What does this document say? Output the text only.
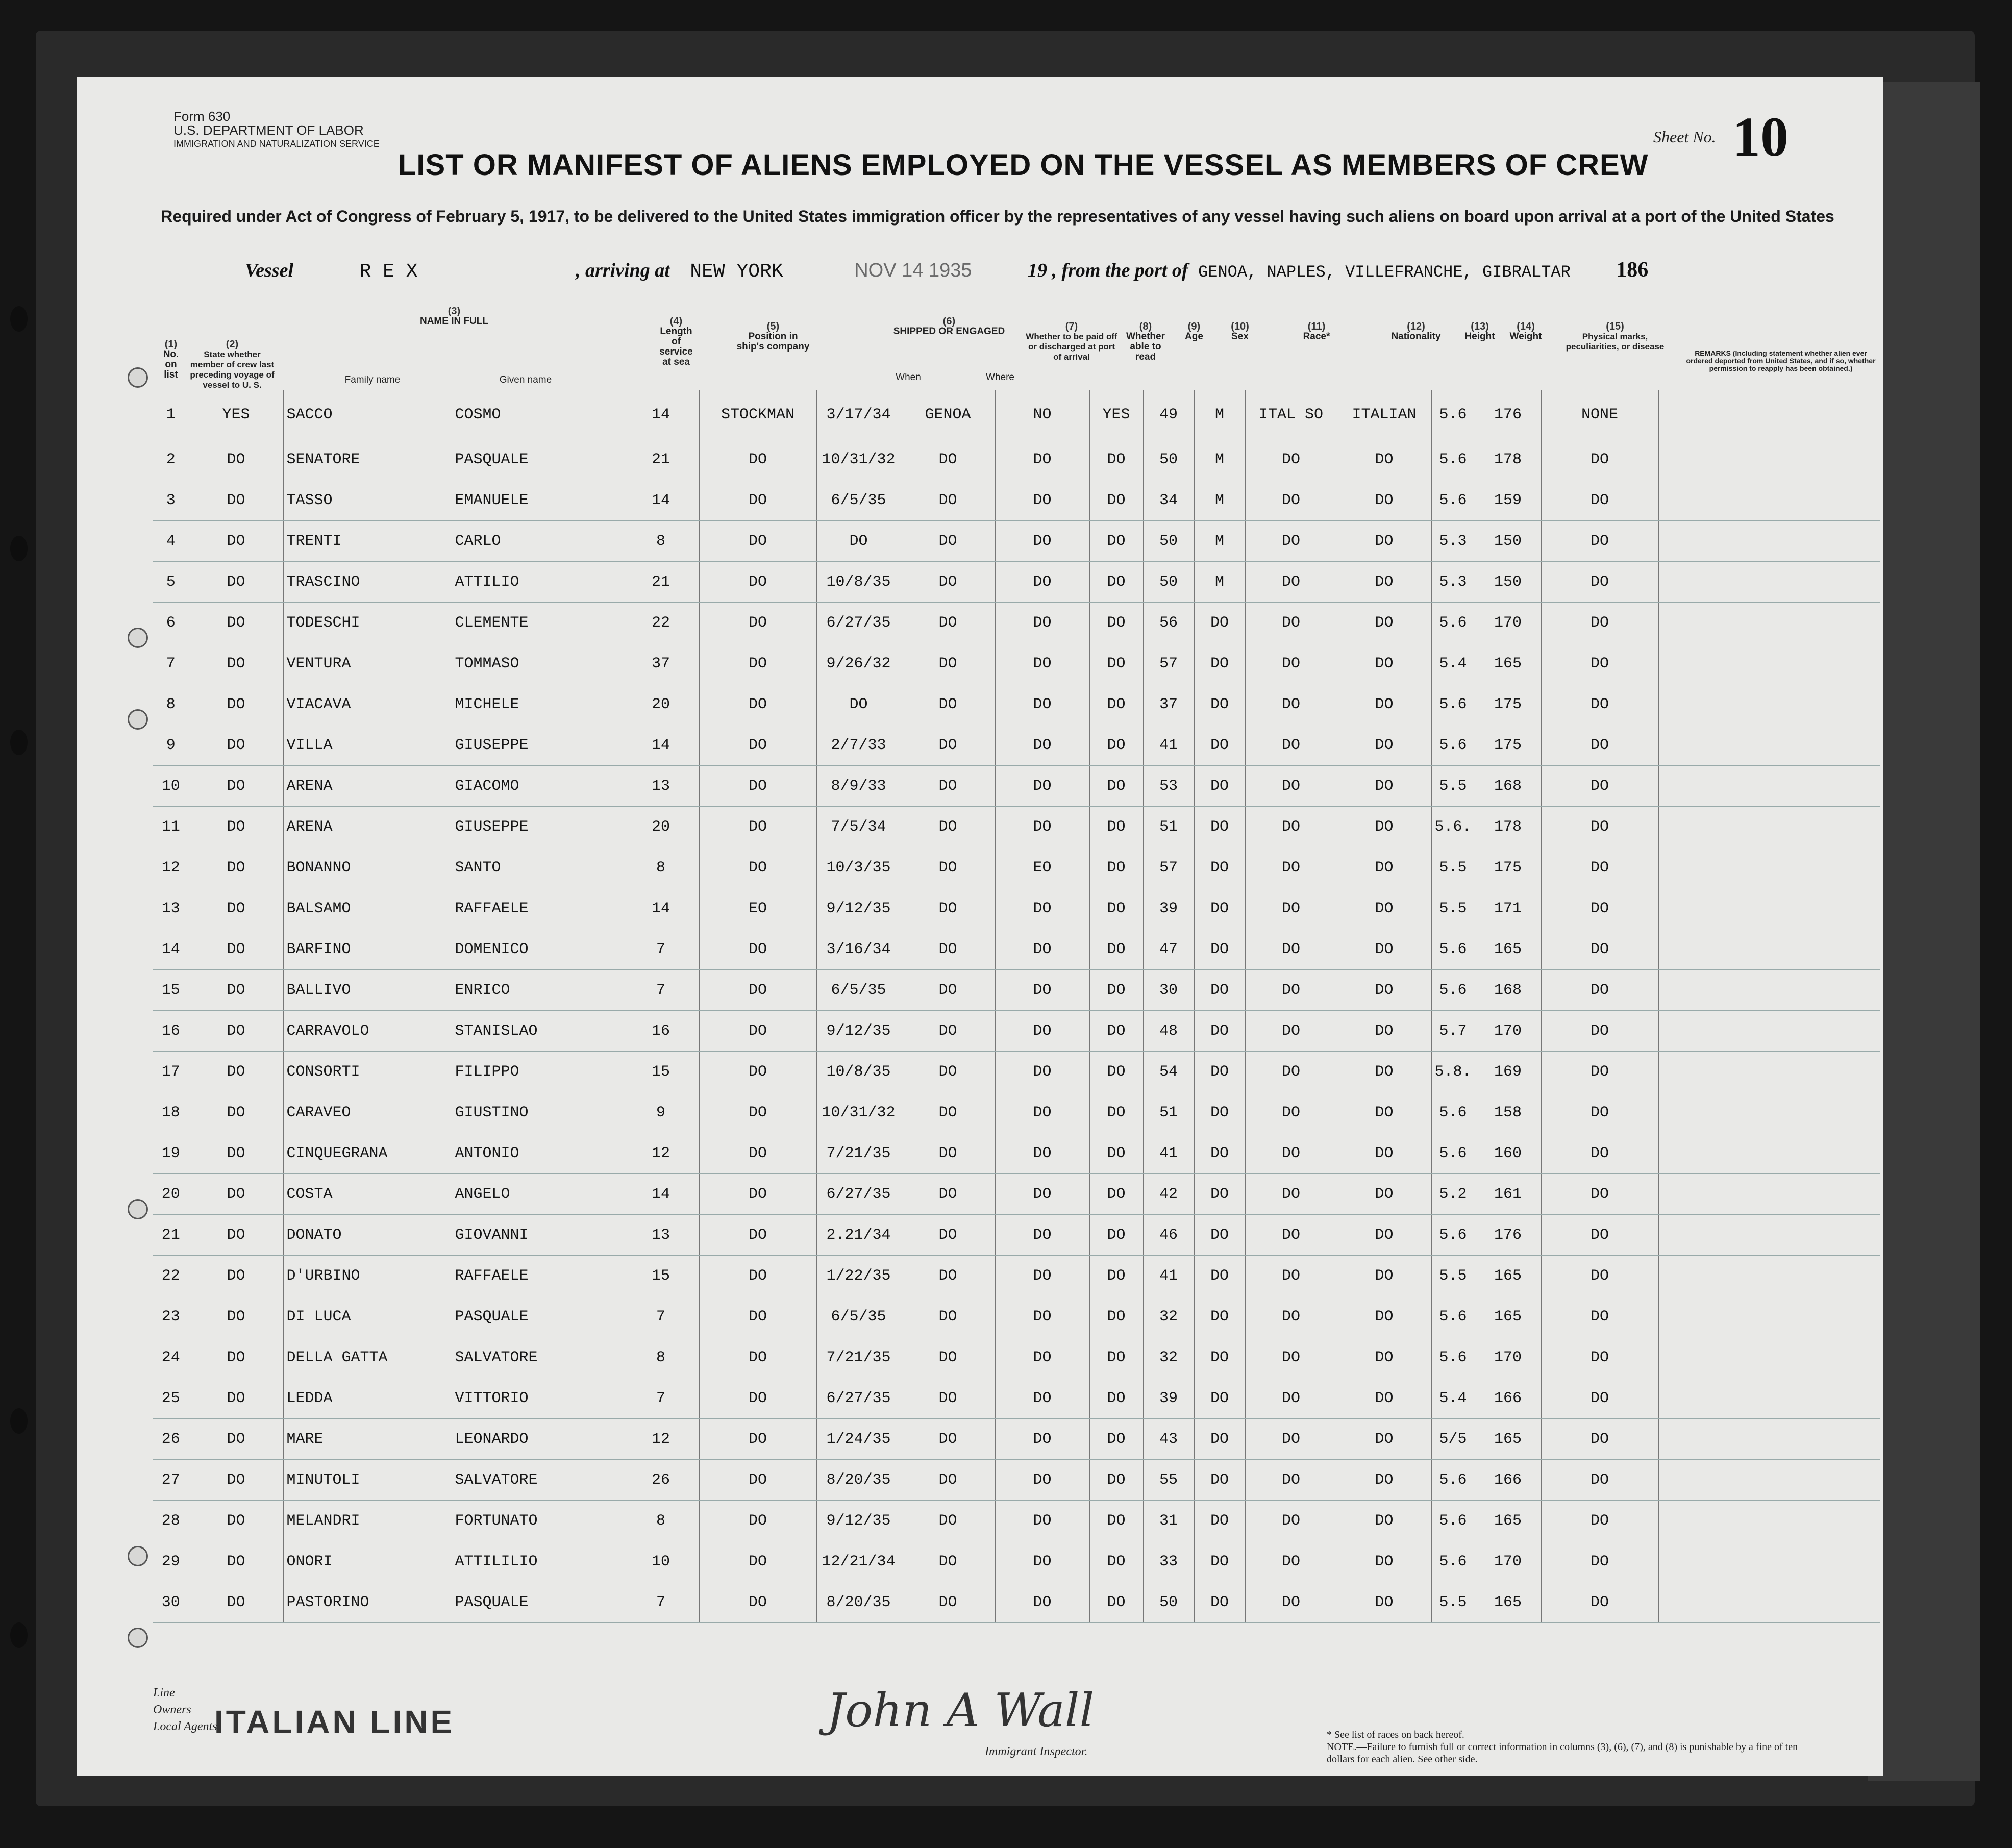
Form 630
U.S. DEPARTMENT OF LABOR
IMMIGRATION AND NATURALIZATION SERVICE	Sheet No. 10
LIST OR MANIFEST OF ALIENS EMPLOYED ON THE VESSEL AS MEMBERS OF CREW
Required under Act of Congress of February 5, 1917, to be delivered to the United States immigration officer by the representatives of any vessel having such aliens on board upon arrival at a port of the United States
Vessel	R E X	, arriving at NEW YORK	NOV 14 1935	19 , from the port of GENOA, NAPLES, VILLEFRANCHE, GIBRALTAR 186
(1)
No. on list
(2)
State whether member of crew last preceding voyage of vessel to U. S.
(3)
NAME IN FULL
Family name	Given name
(4)
Length of service at sea
(5)
Position in ship's company
(6)
SHIPPED OR ENGAGED
When	Where
(7)
Whether to be paid off or discharged at port of arrival
(8)
Whether able to read
(9)
Age
(10)
Sex
(11)
Race*
(12)
Nationality
(13)
Height
(14)
Weight
(15)
Physical marks, peculiarities, or disease
REMARKS (Including statement whether alien ever ordered deported from United States, and if so, whether permission to reapply has been obtained.)
1	YES	SACCO	COSMO	14	STOCKMAN	3/17/34	GENOA	NO	YES	49	M	ITAL SO	ITALIAN	5.6	176	NONE	
2	DO	SENATORE	PASQUALE	21	DO	10/31/32	DO	DO	DO	50	M	DO	DO	5.6	178	DO	
3	DO	TASSO	EMANUELE	14	DO	6/5/35	DO	DO	DO	34	M	DO	DO	5.6	159	DO	
4	DO	TRENTI	CARLO	8	DO	DO	DO	DO	DO	50	M	DO	DO	5.3	150	DO	
5	DO	TRASCINO	ATTILIO	21	DO	10/8/35	DO	DO	DO	50	M	DO	DO	5.3	150	DO	
6	DO	TODESCHI	CLEMENTE	22	DO	6/27/35	DO	DO	DO	56	DO	DO	DO	5.6	170	DO	
7	DO	VENTURA	TOMMASO	37	DO	9/26/32	DO	DO	DO	57	DO	DO	DO	5.4	165	DO	
8	DO	VIACAVA	MICHELE	20	DO	DO	DO	DO	DO	37	DO	DO	DO	5.6	175	DO	
9	DO	VILLA	GIUSEPPE	14	DO	2/7/33	DO	DO	DO	41	DO	DO	DO	5.6	175	DO	
10	DO	ARENA	GIACOMO	13	DO	8/9/33	DO	DO	DO	53	DO	DO	DO	5.5	168	DO	
11	DO	ARENA	GIUSEPPE	20	DO	7/5/34	DO	DO	DO	51	DO	DO	DO	5.6.	178	DO	
12	DO	BONANNO	SANTO	8	DO	10/3/35	DO	EO	DO	57	DO	DO	DO	5.5	175	DO	
13	DO	BALSAMO	RAFFAELE	14	EO	9/12/35	DO	DO	DO	39	DO	DO	DO	5.5	171	DO	
14	DO	BARFINO	DOMENICO	7	DO	3/16/34	DO	DO	DO	47	DO	DO	DO	5.6	165	DO	
15	DO	BALLIVO	ENRICO	7	DO	6/5/35	DO	DO	DO	30	DO	DO	DO	5.6	168	DO	
16	DO	CARRAVOLO	STANISLAO	16	DO	9/12/35	DO	DO	DO	48	DO	DO	DO	5.7	170	DO	
17	DO	CONSORTI	FILIPPO	15	DO	10/8/35	DO	DO	DO	54	DO	DO	DO	5.8.	169	DO	
18	DO	CARAVEO	GIUSTINO	9	DO	10/31/32	DO	DO	DO	51	DO	DO	DO	5.6	158	DO	
19	DO	CINQUEGRANA	ANTONIO	12	DO	7/21/35	DO	DO	DO	41	DO	DO	DO	5.6	160	DO	
20	DO	COSTA	ANGELO	14	DO	6/27/35	DO	DO	DO	42	DO	DO	DO	5.2	161	DO	
21	DO	DONATO	GIOVANNI	13	DO	2.21/34	DO	DO	DO	46	DO	DO	DO	5.6	176	DO	
22	DO	D'URBINO	RAFFAELE	15	DO	1/22/35	DO	DO	DO	41	DO	DO	DO	5.5	165	DO	
23	DO	DI LUCA	PASQUALE	7	DO	6/5/35	DO	DO	DO	32	DO	DO	DO	5.6	165	DO	
24	DO	DELLA GATTA	SALVATORE	8	DO	7/21/35	DO	DO	DO	32	DO	DO	DO	5.6	170	DO	
25	DO	LEDDA	VITTORIO	7	DO	6/27/35	DO	DO	DO	39	DO	DO	DO	5.4	166	DO	
26	DO	MARE	LEONARDO	12	DO	1/24/35	DO	DO	DO	43	DO	DO	DO	5/5	165	DO	
27	DO	MINUTOLI	SALVATORE	26	DO	8/20/35	DO	DO	DO	55	DO	DO	DO	5.6	166	DO	
28	DO	MELANDRI	FORTUNATO	8	DO	9/12/35	DO	DO	DO	31	DO	DO	DO	5.6	165	DO	
29	DO	ONORI	ATTILILIO	10	DO	12/21/34	DO	DO	DO	33	DO	DO	DO	5.6	170	DO	
30	DO	PASTORINO	PASQUALE	7	DO	8/20/35	DO	DO	DO	50	DO	DO	DO	5.5	165	DO	
Line
Owners
Local Agents
ITALIAN LINE	John A Wall
Immigrant Inspector.
* See list of races on back hereof.
NOTE.—Failure to furnish full or correct information in columns (3), (6), (7), and (8) is punishable by a fine of ten dollars for each alien. See other side.
